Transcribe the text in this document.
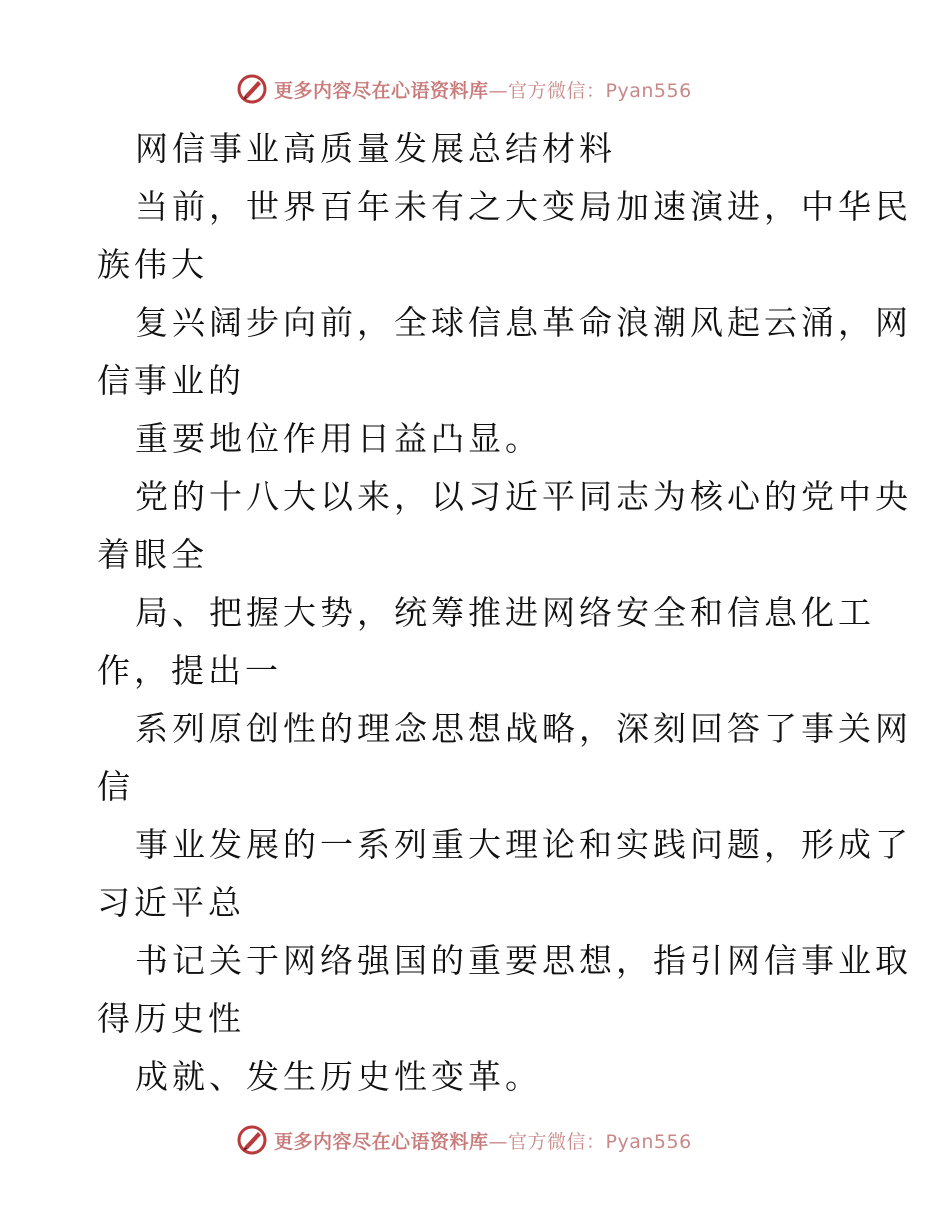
更多内容尽在心语资料库—官方微信：Pyan556
网信事业高质量发展总结材料
当前，世界百年未有之大变局加速演进，中华民
族伟大
复兴阔步向前，全球信息革命浪潮风起云涌，网
信事业的
重要地位作用日益凸显。
党的十八大以来，以习近平同志为核心的党中央
着眼全
局、把握大势，统筹推进网络安全和信息化工
作，提出一
系列原创性的理念思想战略，深刻回答了事关网
信
事业发展的一系列重大理论和实践问题，形成了
习近平总
书记关于网络强国的重要思想，指引网信事业取
得历史性
成就、发生历史性变革。
更多内容尽在心语资料库—官方微信：Pyan556
